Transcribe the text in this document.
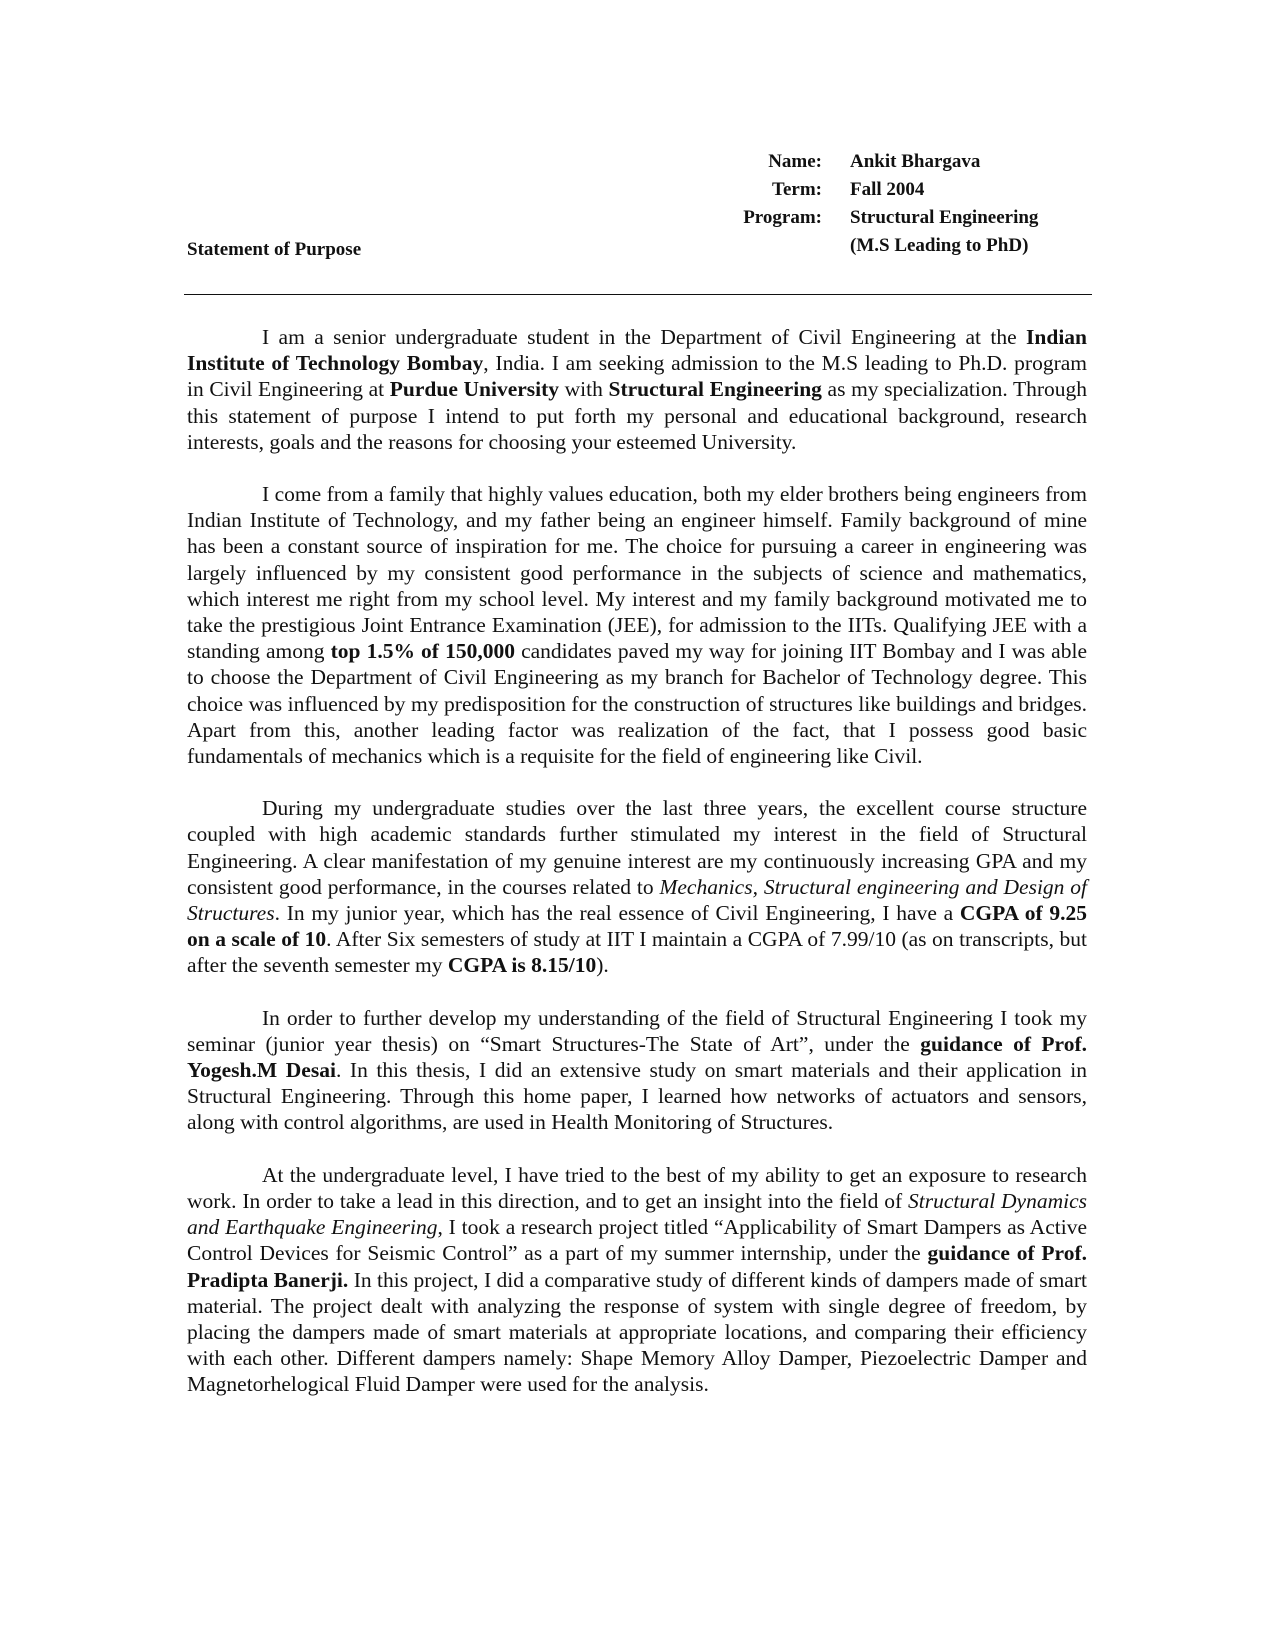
Name:	Ankit Bhargava
Term:	Fall 2004
Program:	Structural Engineering
(M.S Leading to PhD)
Statement of Purpose

I am a senior undergraduate student in the Department of Civil Engineering at the Indian Institute of Technology Bombay, India. I am seeking admission to the M.S leading to Ph.D. program in Civil Engineering at Purdue University with Structural Engineering as my specialization. Through this statement of purpose I intend to put forth my personal and educational background, research interests, goals and the reasons for choosing your esteemed University.

I come from a family that highly values education, both my elder brothers being engineers from Indian Institute of Technology, and my father being an engineer himself. Family background of mine has been a constant source of inspiration for me. The choice for pursuing a career in engineering was largely influenced by my consistent good performance in the subjects of science and mathematics, which interest me right from my school level. My interest and my family background motivated me to take the prestigious Joint Entrance Examination (JEE), for admission to the IITs. Qualifying JEE with a standing among top 1.5% of 150,000 candidates paved my way for joining IIT Bombay and I was able to choose the Department of Civil Engineering as my branch for Bachelor of Technology degree. This choice was influenced by my predisposition for the construction of structures like buildings and bridges. Apart from this, another leading factor was realization of the fact, that I possess good basic fundamentals of mechanics which is a requisite for the field of engineering like Civil.

During my undergraduate studies over the last three years, the excellent course structure coupled with high academic standards further stimulated my interest in the field of Structural Engineering. A clear manifestation of my genuine interest are my continuously increasing GPA and my consistent good performance, in the courses related to Mechanics, Structural engineering and Design of Structures. In my junior year, which has the real essence of Civil Engineering, I have a CGPA of 9.25 on a scale of 10. After Six semesters of study at IIT I maintain a CGPA of 7.99/10 (as on transcripts, but after the seventh semester my CGPA is 8.15/10).

In order to further develop my understanding of the field of Structural Engineering I took my seminar (junior year thesis) on “Smart Structures-The State of Art”, under the guidance of Prof. Yogesh.M Desai. In this thesis, I did an extensive study on smart materials and their application in Structural Engineering. Through this home paper, I learned how networks of actuators and sensors, along with control algorithms, are used in Health Monitoring of Structures.

At the undergraduate level, I have tried to the best of my ability to get an exposure to research work. In order to take a lead in this direction, and to get an insight into the field of Structural Dynamics and Earthquake Engineering, I took a research project titled “Applicability of Smart Dampers as Active Control Devices for Seismic Control” as a part of my summer internship, under the guidance of Prof. Pradipta Banerji. In this project, I did a comparative study of different kinds of dampers made of smart material. The project dealt with analyzing the response of system with single degree of freedom, by placing the dampers made of smart materials at appropriate locations, and comparing their efficiency with each other. Different dampers namely: Shape Memory Alloy Damper, Piezoelectric Damper and Magnetorhelogical Fluid Damper were used for the analysis.
